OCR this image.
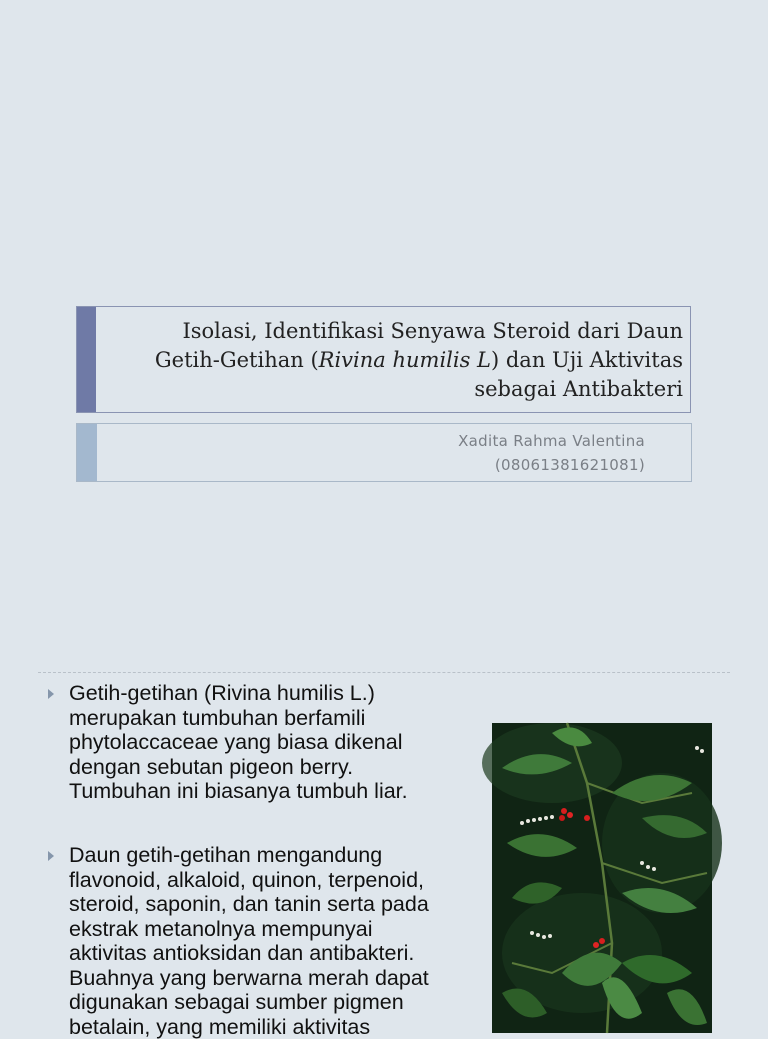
Isolasi, Identifikasi Senyawa Steroid dari Daun
Getih-Getihan (Rivina humilis L) dan Uji Aktivitas
sebagai Antibakteri
Xadita Rahma Valentina
(08061381621081)
Getih-getihan (Rivina humilis L.)
merupakan tumbuhan berfamili
phytolaccaceae yang biasa dikenal
dengan sebutan pigeon berry.
Tumbuhan ini biasanya tumbuh liar.
Daun getih-getihan mengandung
flavonoid, alkaloid, quinon, terpenoid,
steroid, saponin, dan tanin serta pada
ekstrak metanolnya mempunyai
aktivitas antioksidan dan antibakteri.
Buahnya yang berwarna merah dapat
digunakan sebagai sumber pigmen
betalain, yang memiliki aktivitas
